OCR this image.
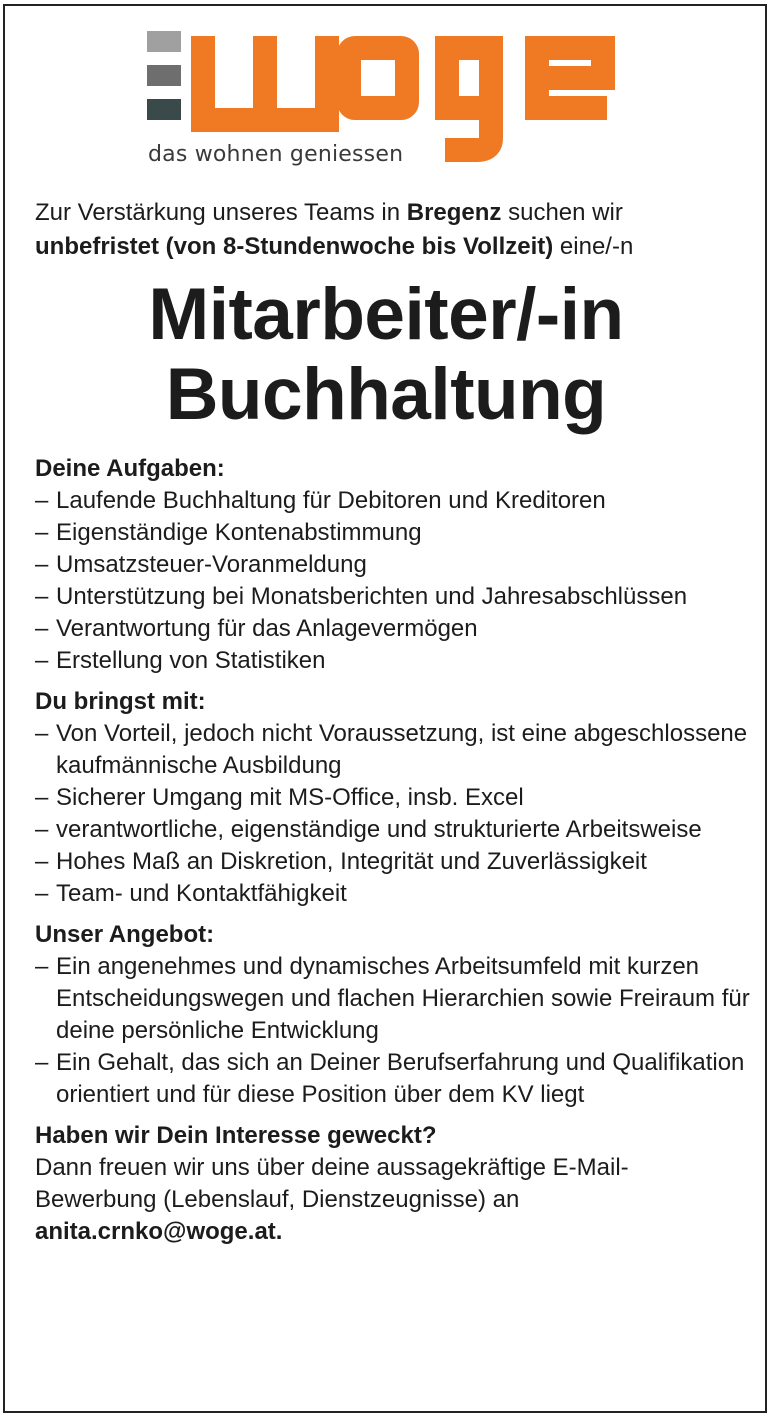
das wohnen geniessen
Zur Verstärkung unseres Teams in Bregenz suchen wir
unbefristet (von 8-Stundenwoche bis Vollzeit) eine/-n
Mitarbeiter/-in
Buchhaltung
Deine Aufgaben:
– Laufende Buchhaltung für Debitoren und Kreditoren
– Eigenständige Kontenabstimmung
– Umsatzsteuer-Voranmeldung
– Unterstützung bei Monatsberichten und Jahresabschlüssen
– Verantwortung für das Anlagevermögen
– Erstellung von Statistiken
Du bringst mit:
– Von Vorteil, jedoch nicht Voraussetzung, ist eine abgeschlossene kaufmännische Ausbildung
– Sicherer Umgang mit MS-Office, insb. Excel
– verantwortliche, eigenständige und strukturierte Arbeitsweise
– Hohes Maß an Diskretion, Integrität und Zuverlässigkeit
– Team- und Kontaktfähigkeit
Unser Angebot:
– Ein angenehmes und dynamisches Arbeitsumfeld mit kurzen Entscheidungswegen und flachen Hierarchien sowie Freiraum für deine persönliche Entwicklung
– Ein Gehalt, das sich an Deiner Berufserfahrung und Qualifikation orientiert und für diese Position über dem KV liegt
Haben wir Dein Interesse geweckt?
Dann freuen wir uns über deine aussagekräftige E-Mail-Bewerbung (Lebenslauf, Dienstzeugnisse) an anita.crnko@woge.at.
